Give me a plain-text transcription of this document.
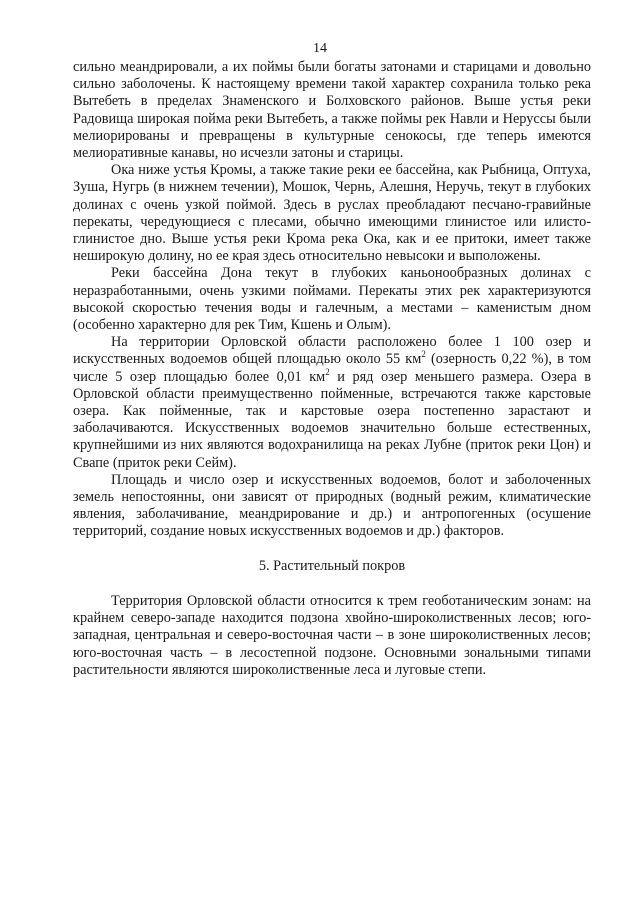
14

сильно меандрировали, а их поймы были богаты затонами и старицами и довольно сильно заболочены. К настоящему времени такой характер сохранила только река Вытебеть в пределах Знаменского и Болховского районов. Выше устья реки Радовища широкая пойма реки Вытебеть, а также поймы рек Навли и Неруссы были мелиорированы и превращены в культурные сенокосы, где теперь имеются мелиоративные канавы, но исчезли затоны и старицы.

Ока ниже устья Кромы, а также такие реки ее бассейна, как Рыбница, Оптуха, Зуша, Нугрь (в нижнем течении), Мошок, Чернь, Алешня, Неручь, текут в глубоких долинах с очень узкой поймой. Здесь в руслах преобладают песчано-гравийные перекаты, чередующиеся с плесами, обычно имеющими глинистое или илисто-глинистое дно. Выше устья реки Крома река Ока, как и ее притоки, имеет также неширокую долину, но ее края здесь относительно невысоки и выположены.

Реки бассейна Дона текут в глубоких каньонообразных долинах с неразработанными, очень узкими поймами. Перекаты этих рек характеризуются высокой скоростью течения воды и галечным, а местами – каменистым дном (особенно характерно для рек Тим, Кшень и Олым).

На территории Орловской области расположено более 1 100 озер и искусственных водоемов общей площадью около 55 $км^2$ (озерность 0,22 %), в том числе 5 озер площадью более 0,01 $км^2$ и ряд озер меньшего размера. Озера в Орловской области преимущественно пойменные, встречаются также карстовые озера. Как пойменные, так и карстовые озера постепенно зарастают и заболачиваются. Искусственных водоемов значительно больше естественных, крупнейшими из них являются водохранилища на реках Лубне (приток реки Цон) и Свапе (приток реки Сейм).

Площадь и число озер и искусственных водоемов, болот и заболоченных земель непостоянны, они зависят от природных (водный режим, климатические явления, заболачивание, меандрирование и др.) и антропогенных (осушение территорий, создание новых искусственных водоемов и др.) факторов.

5. Растительный покров

Территория Орловской области относится к трем геоботаническим зонам: на крайнем северо-западе находится подзона хвойно-широколиственных лесов; юго-западная, центральная и северо-восточная части – в зоне широколиственных лесов; юго-восточная часть – в лесостепной подзоне. Основными зональными типами растительности являются широколиственные леса и луговые степи.
